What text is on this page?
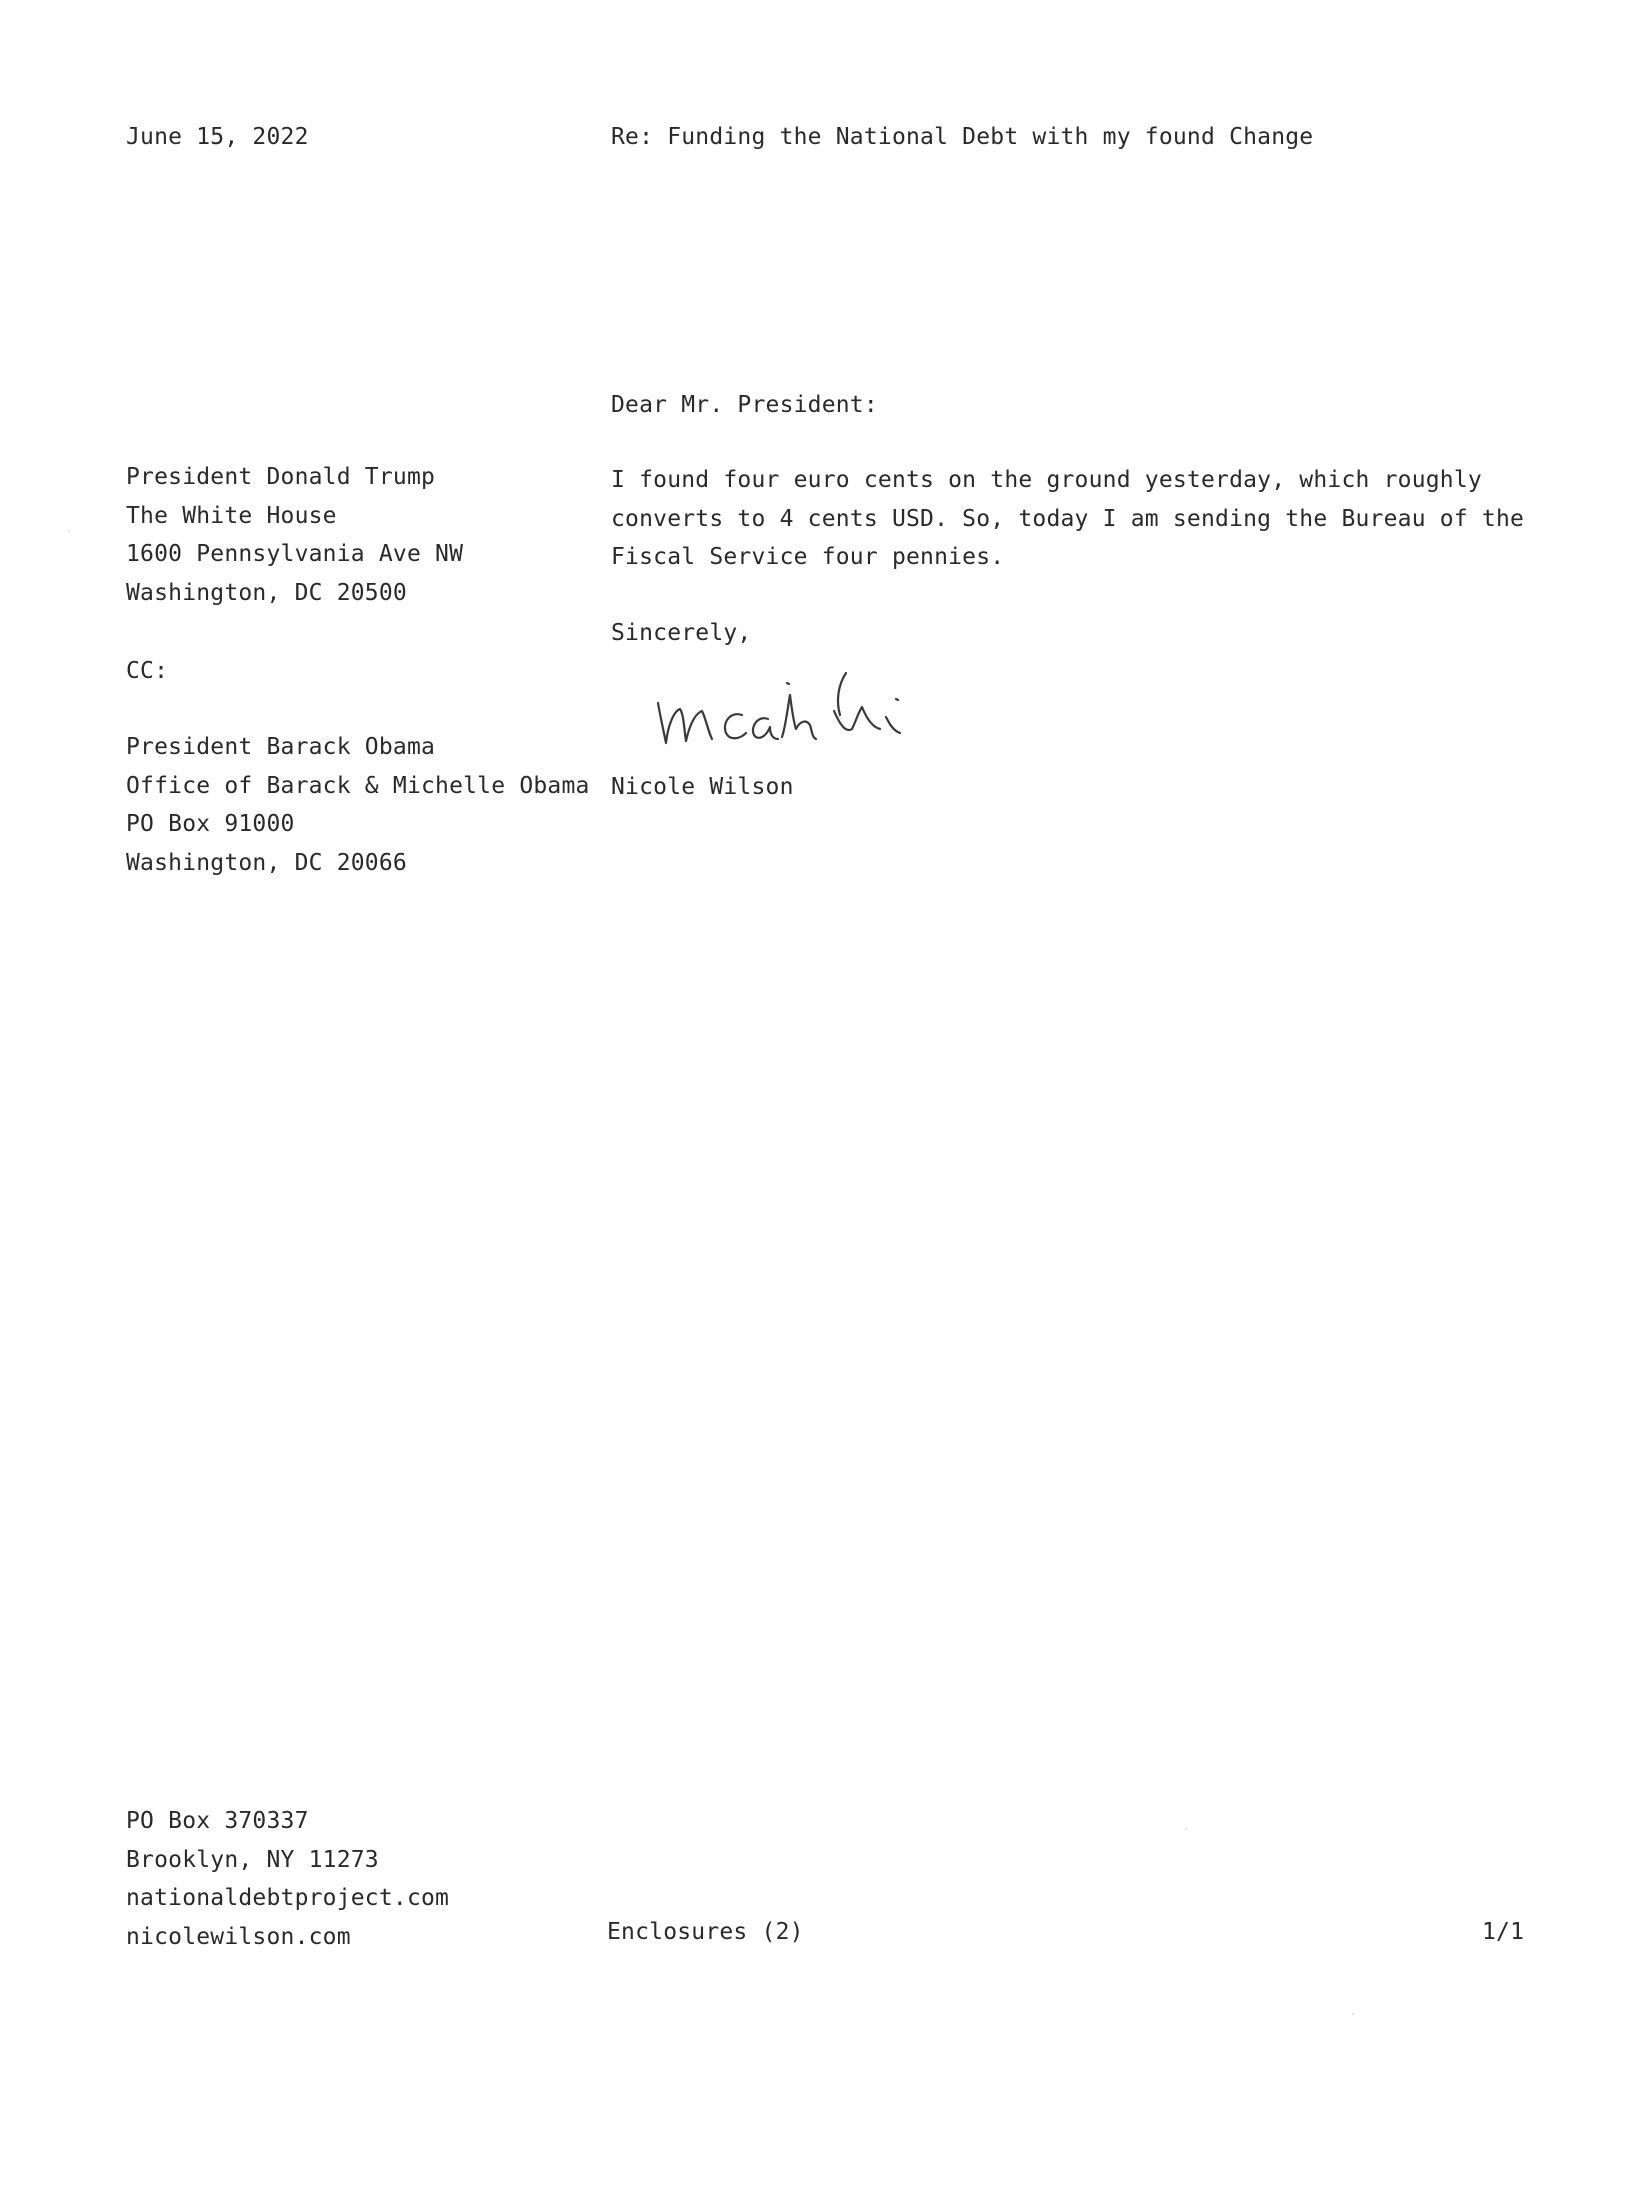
June 15, 2022	Re: Funding the National Debt with my found Change
Dear Mr. President:
President Donald Trump
The White House
1600 Pennsylvania Ave NW
Washington, DC 20500
I found four euro cents on the ground yesterday, which roughly
converts to 4 cents USD. So, today I am sending the Bureau of the
Fiscal Service four pennies.
Sincerely,
CC:
President Barack Obama
Office of Barack & Michelle Obama
PO Box 91000
Washington, DC 20066
Nicole Wilson
PO Box 370337
Brooklyn, NY 11273
nationaldebtproject.com
nicolewilson.com	Enclosures (2)	1/1
